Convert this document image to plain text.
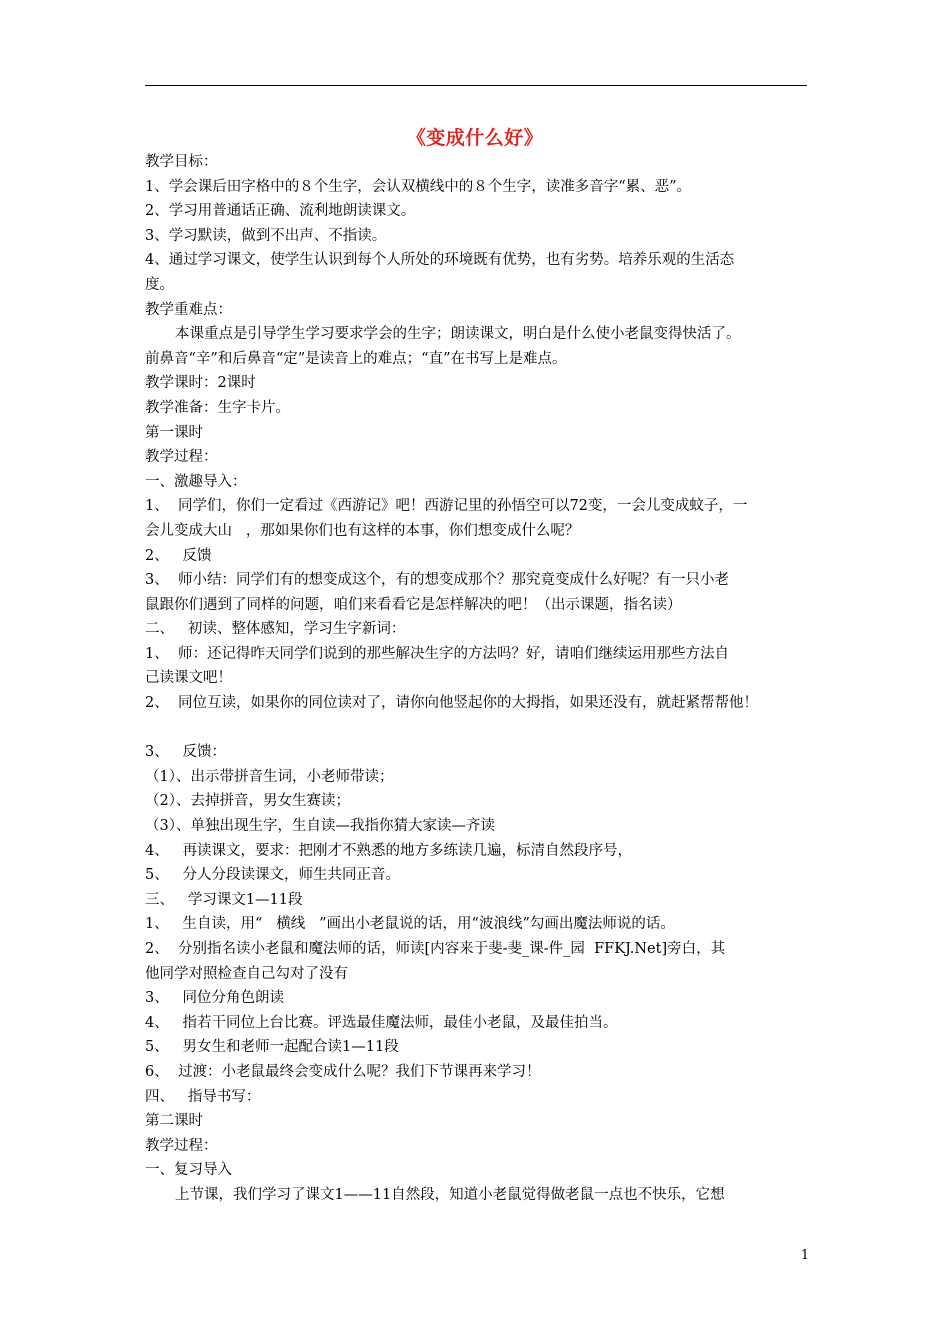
《变成什么好》
教学目标：
1、学会课后田字格中的８个生字，会认双横线中的８个生字，读准多音字“累、恶”。
2、学习用普通话正确、流利地朗读课文。
3、学习默读，做到不出声、不指读。
4、通过学习课文，使学生认识到每个人所处的环境既有优势，也有劣势。培养乐观的生活态
度。
教学重难点：
本课重点是引导学生学习要求学会的生字；朗读课文，明白是什么使小老鼠变得快活了。
前鼻音“辛”和后鼻音“定”是读音上的难点；“直”在书写上是难点。
教学课时：2课时
教学准备：生字卡片。
第一课时
教学过程：
一、激趣导入：
1、  同学们，你们一定看过《西游记》吧！西游记里的孙悟空可以72变，一会儿变成蚊子，一
会儿变成大山   ，那如果你们也有这样的本事，你们想变成什么呢？
2、   反馈
3、  师小结：同学们有的想变成这个，有的想变成那个？那究竟变成什么好呢？有一只小老
鼠跟你们遇到了同样的问题，咱们来看看它是怎样解决的吧！（出示课题，指名读）
二、   初读、整体感知，学习生字新词：
1、  师：还记得昨天同学们说到的那些解决生字的方法吗？好，请咱们继续运用那些方法自
己读课文吧！
2、  同位互读，如果你的同位读对了，请你向他竖起你的大拇指，如果还没有，就赶紧帮帮他！
3、   反馈：
（1）、出示带拼音生词，小老师带读；
（2）、去掉拼音，男女生赛读；
（3）、单独出现生字，生自读—我指你猜大家读—齐读
4、   再读课文，要求：把刚才不熟悉的地方多练读几遍，标清自然段序号，
5、   分人分段读课文，师生共同正音。
三、   学习课文1—11段
1、   生自读，用“   横线   ”画出小老鼠说的话，用“波浪线”勾画出魔法师说的话。
2、  分别指名读小老鼠和魔法师的话，师读[内容来于斐-斐_课-件_园  FFKJ.Net]旁白，其
他同学对照检查自己勾对了没有
3、   同位分角色朗读
4、   指若干同位上台比赛。评选最佳魔法师，最佳小老鼠，及最佳拍当。
5、   男女生和老师一起配合读1—11段
6、  过渡：小老鼠最终会变成什么呢？我们下节课再来学习！
四、   指导书写：
第二课时
教学过程：
一、复习导入
上节课，我们学习了课文1——11自然段，知道小老鼠觉得做老鼠一点也不快乐，它想
1
